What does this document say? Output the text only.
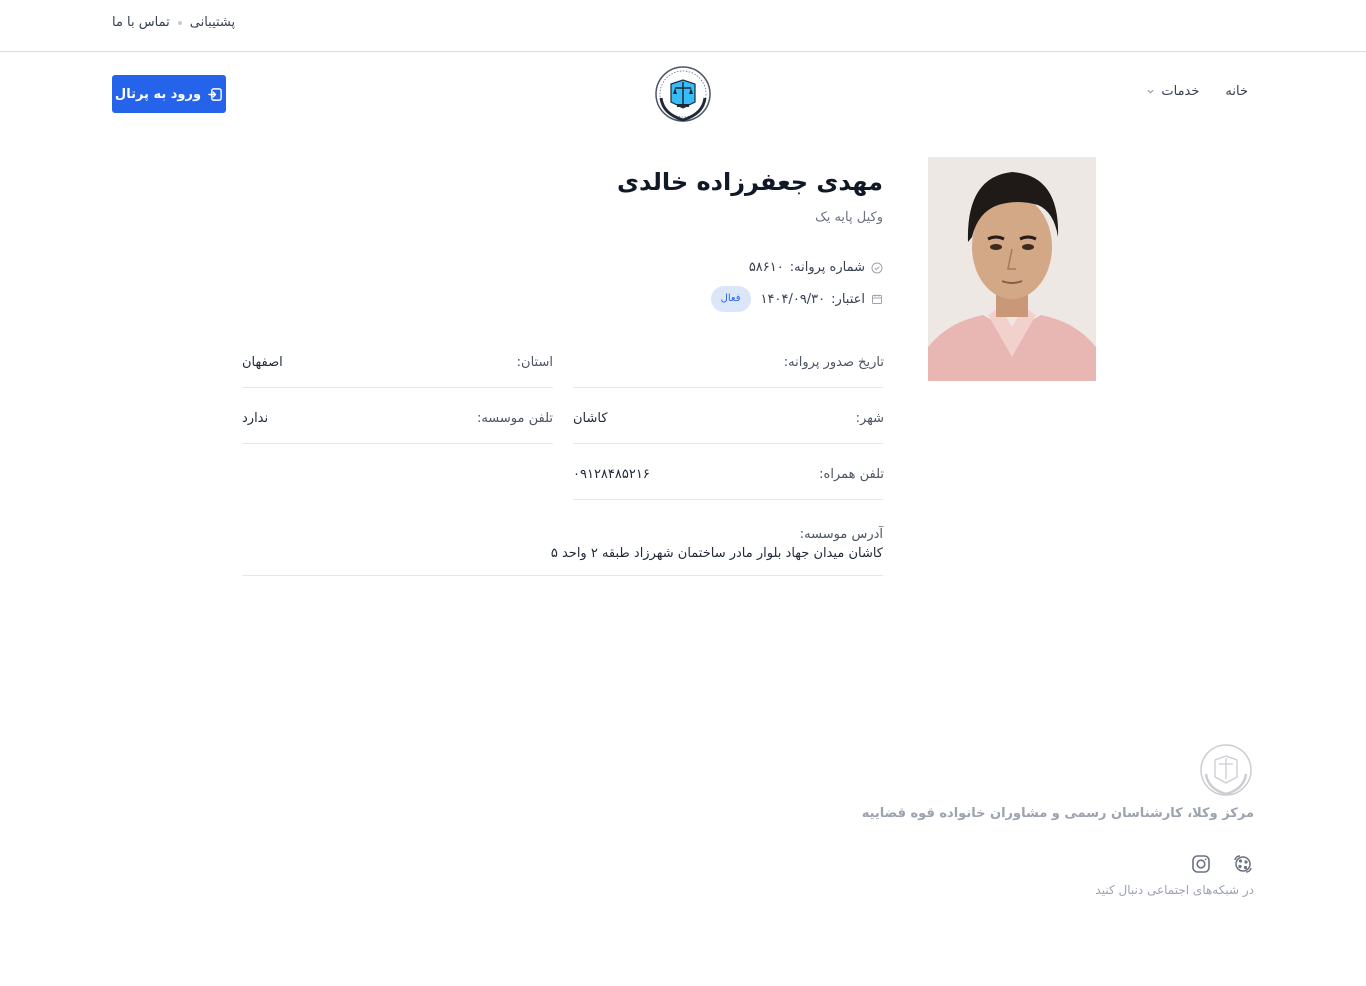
تماس با ما پشتیبانی
ورود به پرتال	خانه
خدمات
مهدی جعفرزاده خالدی
وکیل پایه یک
شماره پروانه:
۵۸۶۱۰
اعتبار:
۱۴۰۴/۰۹/۳۰
فعال
تاریخ صدور پروانه:
استان:
اصفهان
شهر:
کاشان
تلفن موسسه:
ندارد
تلفن همراه:
۰۹۱۲۸۴۸۵۲۱۶
آدرس موسسه:
کاشان میدان جهاد بلوار مادر ساختمان شهرزاد طبقه ۲ واحد ۵
مرکز وکلا، کارشناسان رسمی و مشاوران خانواده قوه قضاییه
در شبکه‌های اجتماعی دنبال کنید
